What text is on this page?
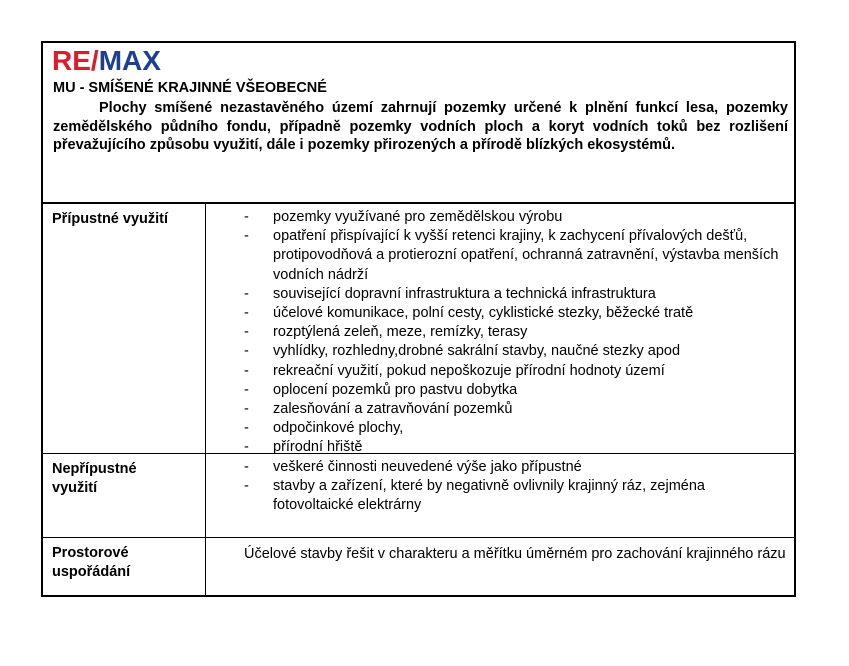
RE/MAX
MU - SMÍŠENÉ KRAJINNÉ VŠEOBECNÉ
Plochy smíšené nezastavěného území zahrnují pozemky určené k plnění funkcí lesa, pozemky zemědělského půdního fondu, případně pozemky vodních ploch a koryt vodních toků bez rozlišení převažujícího způsobu využití, dále i pozemky přirozených a přírodě blízkých ekosystémů.
Přípustné využití	- pozemky využívané pro zemědělskou výrobu
- opatření přispívající k vyšší retenci krajiny, k zachycení přívalových dešťů, protipovodňová a protierozní opatření, ochranná zatravnění, výstavba menších vodních nádrží
- související dopravní infrastruktura a technická infrastruktura
- účelové komunikace, polní cesty, cyklistické stezky, běžecké tratě
- rozptýlená zeleň, meze, remízky, terasy
- vyhlídky, rozhledny,drobné sakrální stavby, naučné stezky apod
- rekreační využití, pokud nepoškozuje přírodní hodnoty území
- oplocení pozemků pro pastvu dobytka
- zalesňování a zatravňování pozemků
- odpočinkové plochy,
- přírodní hřiště
Nepřípustné využití
- veškeré činnosti neuvedené výše jako přípustné
- stavby a zařízení, které by negativně ovlivnily krajinný ráz, zejména fotovoltaické elektrárny
Prostorové uspořádání
Účelové stavby řešit v charakteru a měřítku úměrném pro zachování krajinného rázu
